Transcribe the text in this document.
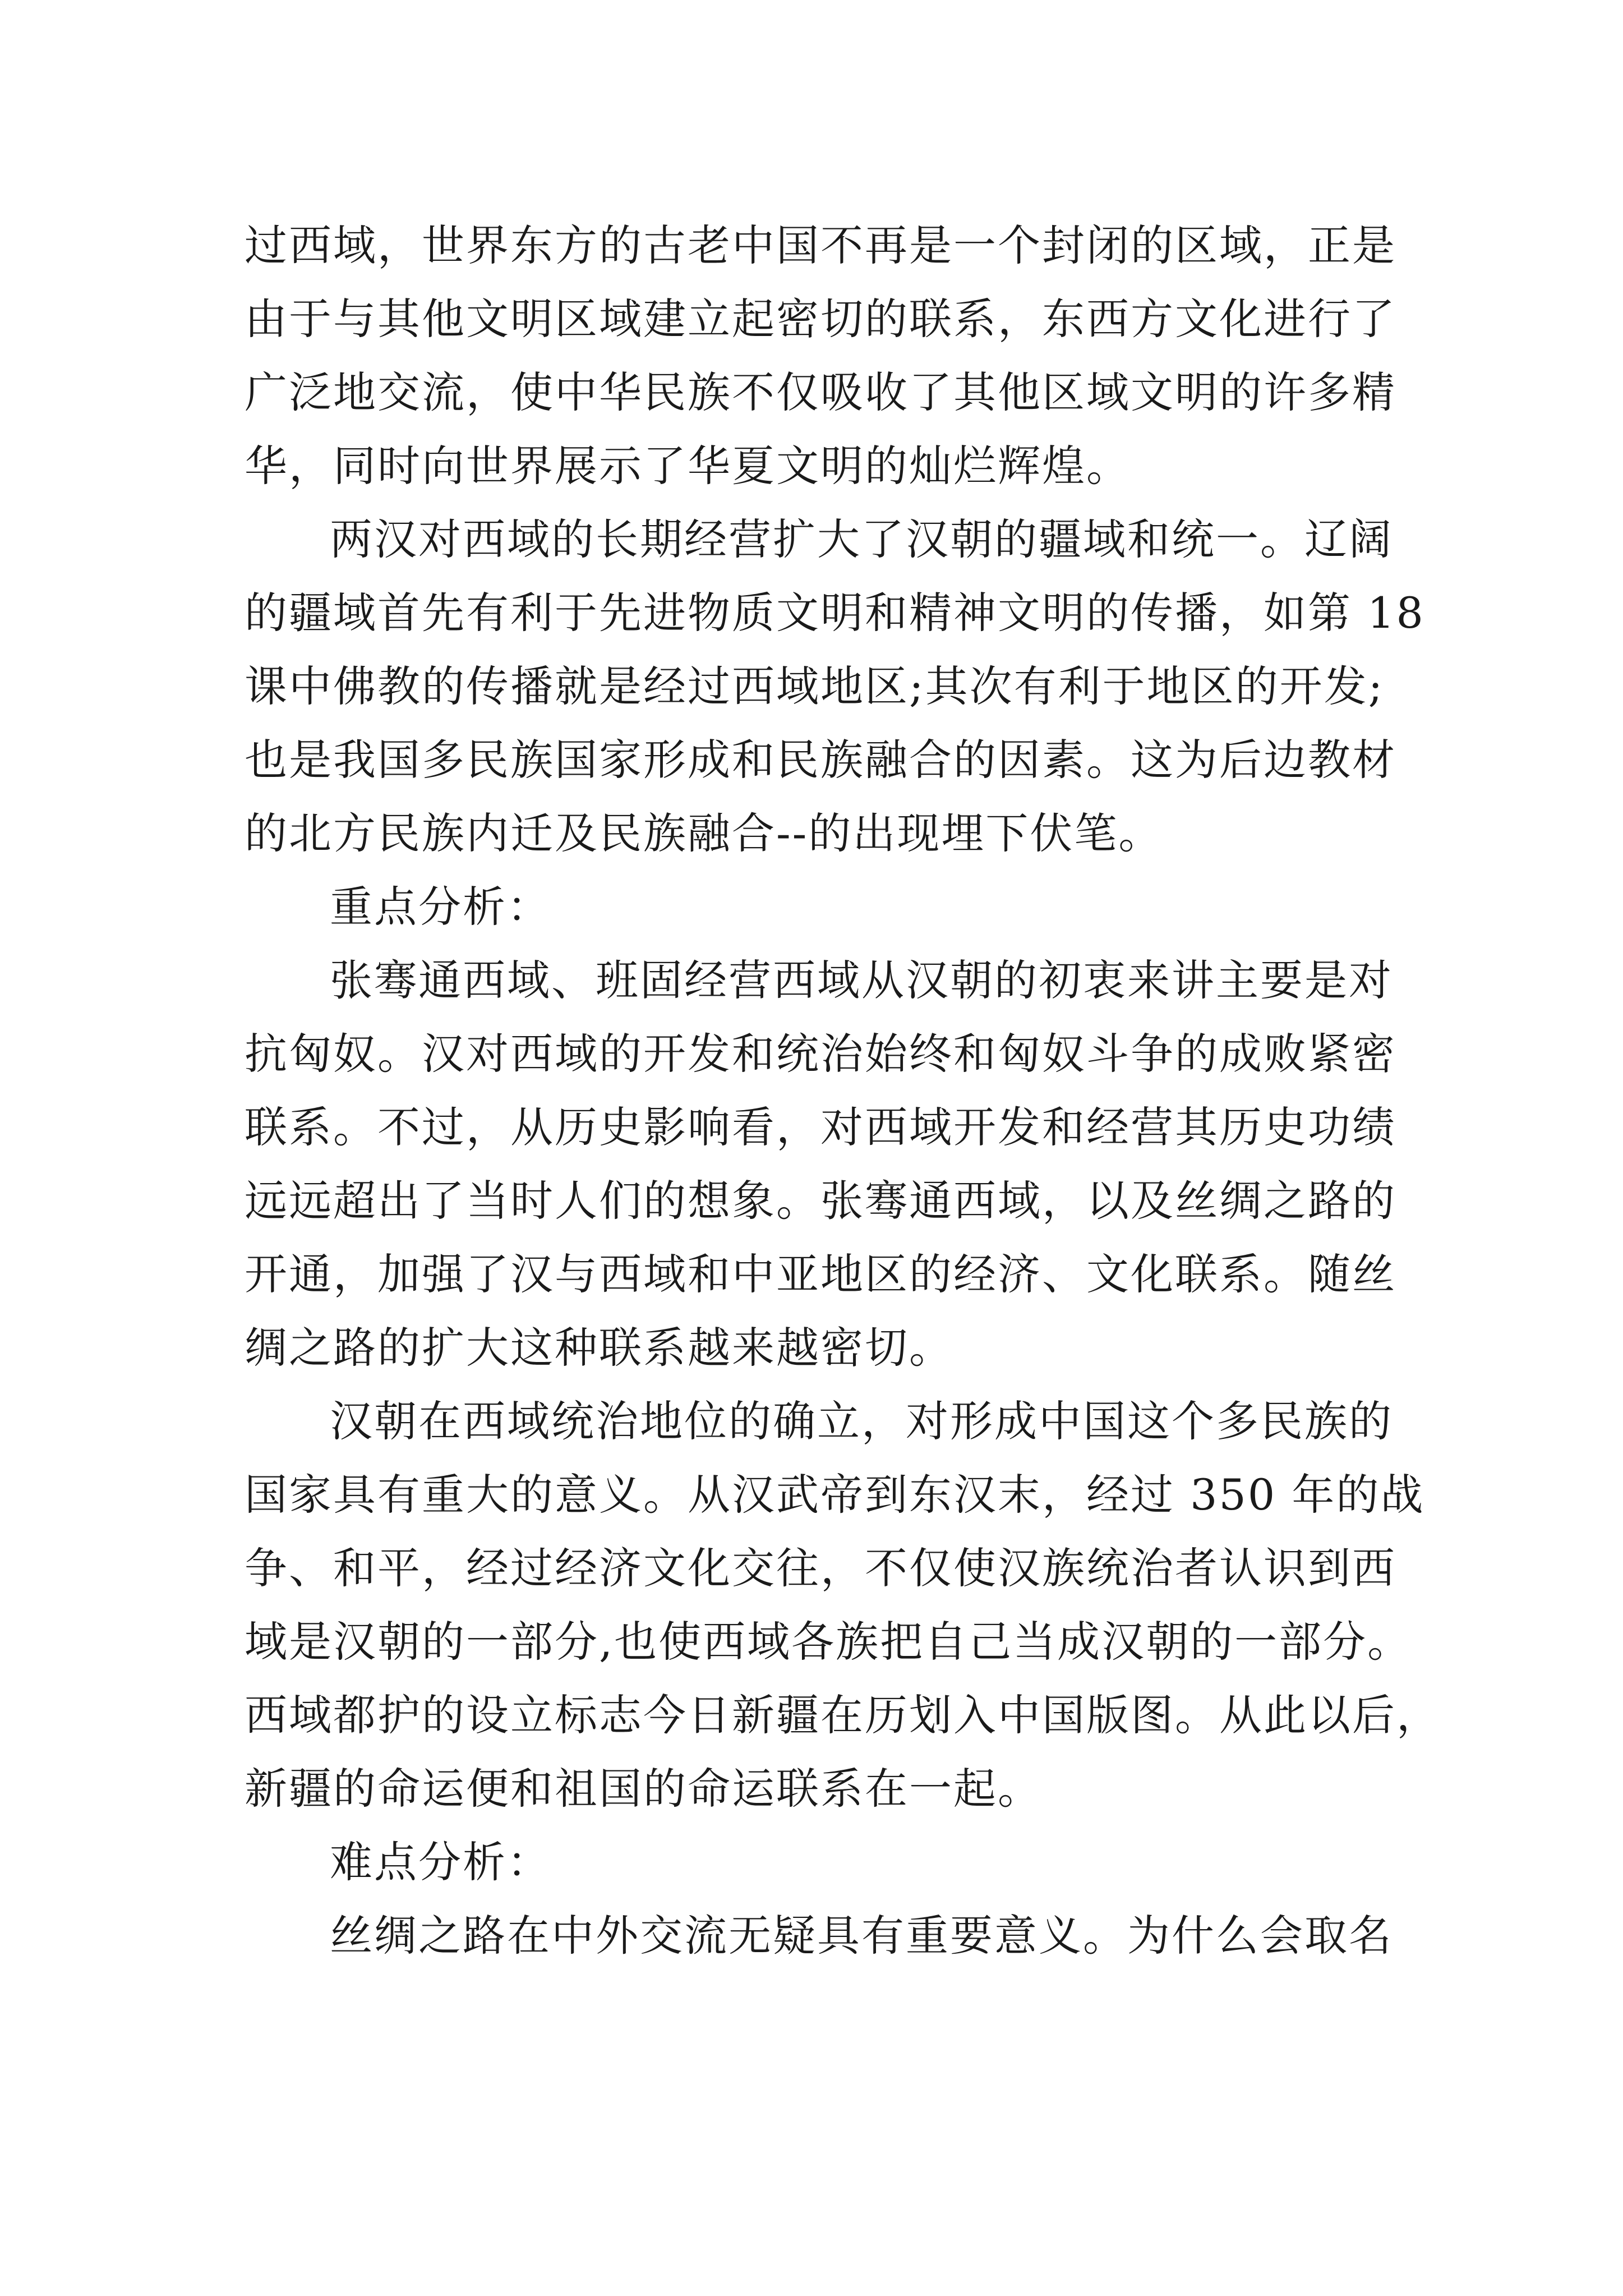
过西域，世界东方的古老中国不再是一个封闭的区域，正是
由于与其他文明区域建立起密切的联系，东西方文化进行了
广泛地交流，使中华民族不仅吸收了其他区域文明的许多精
华，同时向世界展示了华夏文明的灿烂辉煌。
两汉对西域的长期经营扩大了汉朝的疆域和统一。辽阔
的疆域首先有利于先进物质文明和精神文明的传播，如第 18
课中佛教的传播就是经过西域地区;其次有利于地区的开发;
也是我国多民族国家形成和民族融合的因素。这为后边教材
的北方民族内迁及民族融合--的出现埋下伏笔。
重点分析：
张骞通西域、班固经营西域从汉朝的初衷来讲主要是对
抗匈奴。汉对西域的开发和统治始终和匈奴斗争的成败紧密
联系。不过，从历史影响看，对西域开发和经营其历史功绩
远远超出了当时人们的想象。张骞通西域，以及丝绸之路的
开通，加强了汉与西域和中亚地区的经济、文化联系。随丝
绸之路的扩大这种联系越来越密切。
汉朝在西域统治地位的确立，对形成中国这个多民族的
国家具有重大的意义。从汉武帝到东汉末，经过 350 年的战
争、和平，经过经济文化交往，不仅使汉族统治者认识到西
域是汉朝的一部分,也使西域各族把自己当成汉朝的一部分。
西域都护的设立标志今日新疆在历划入中国版图。从此以后，
新疆的命运便和祖国的命运联系在一起。
难点分析：
丝绸之路在中外交流无疑具有重要意义。为什么会取名
